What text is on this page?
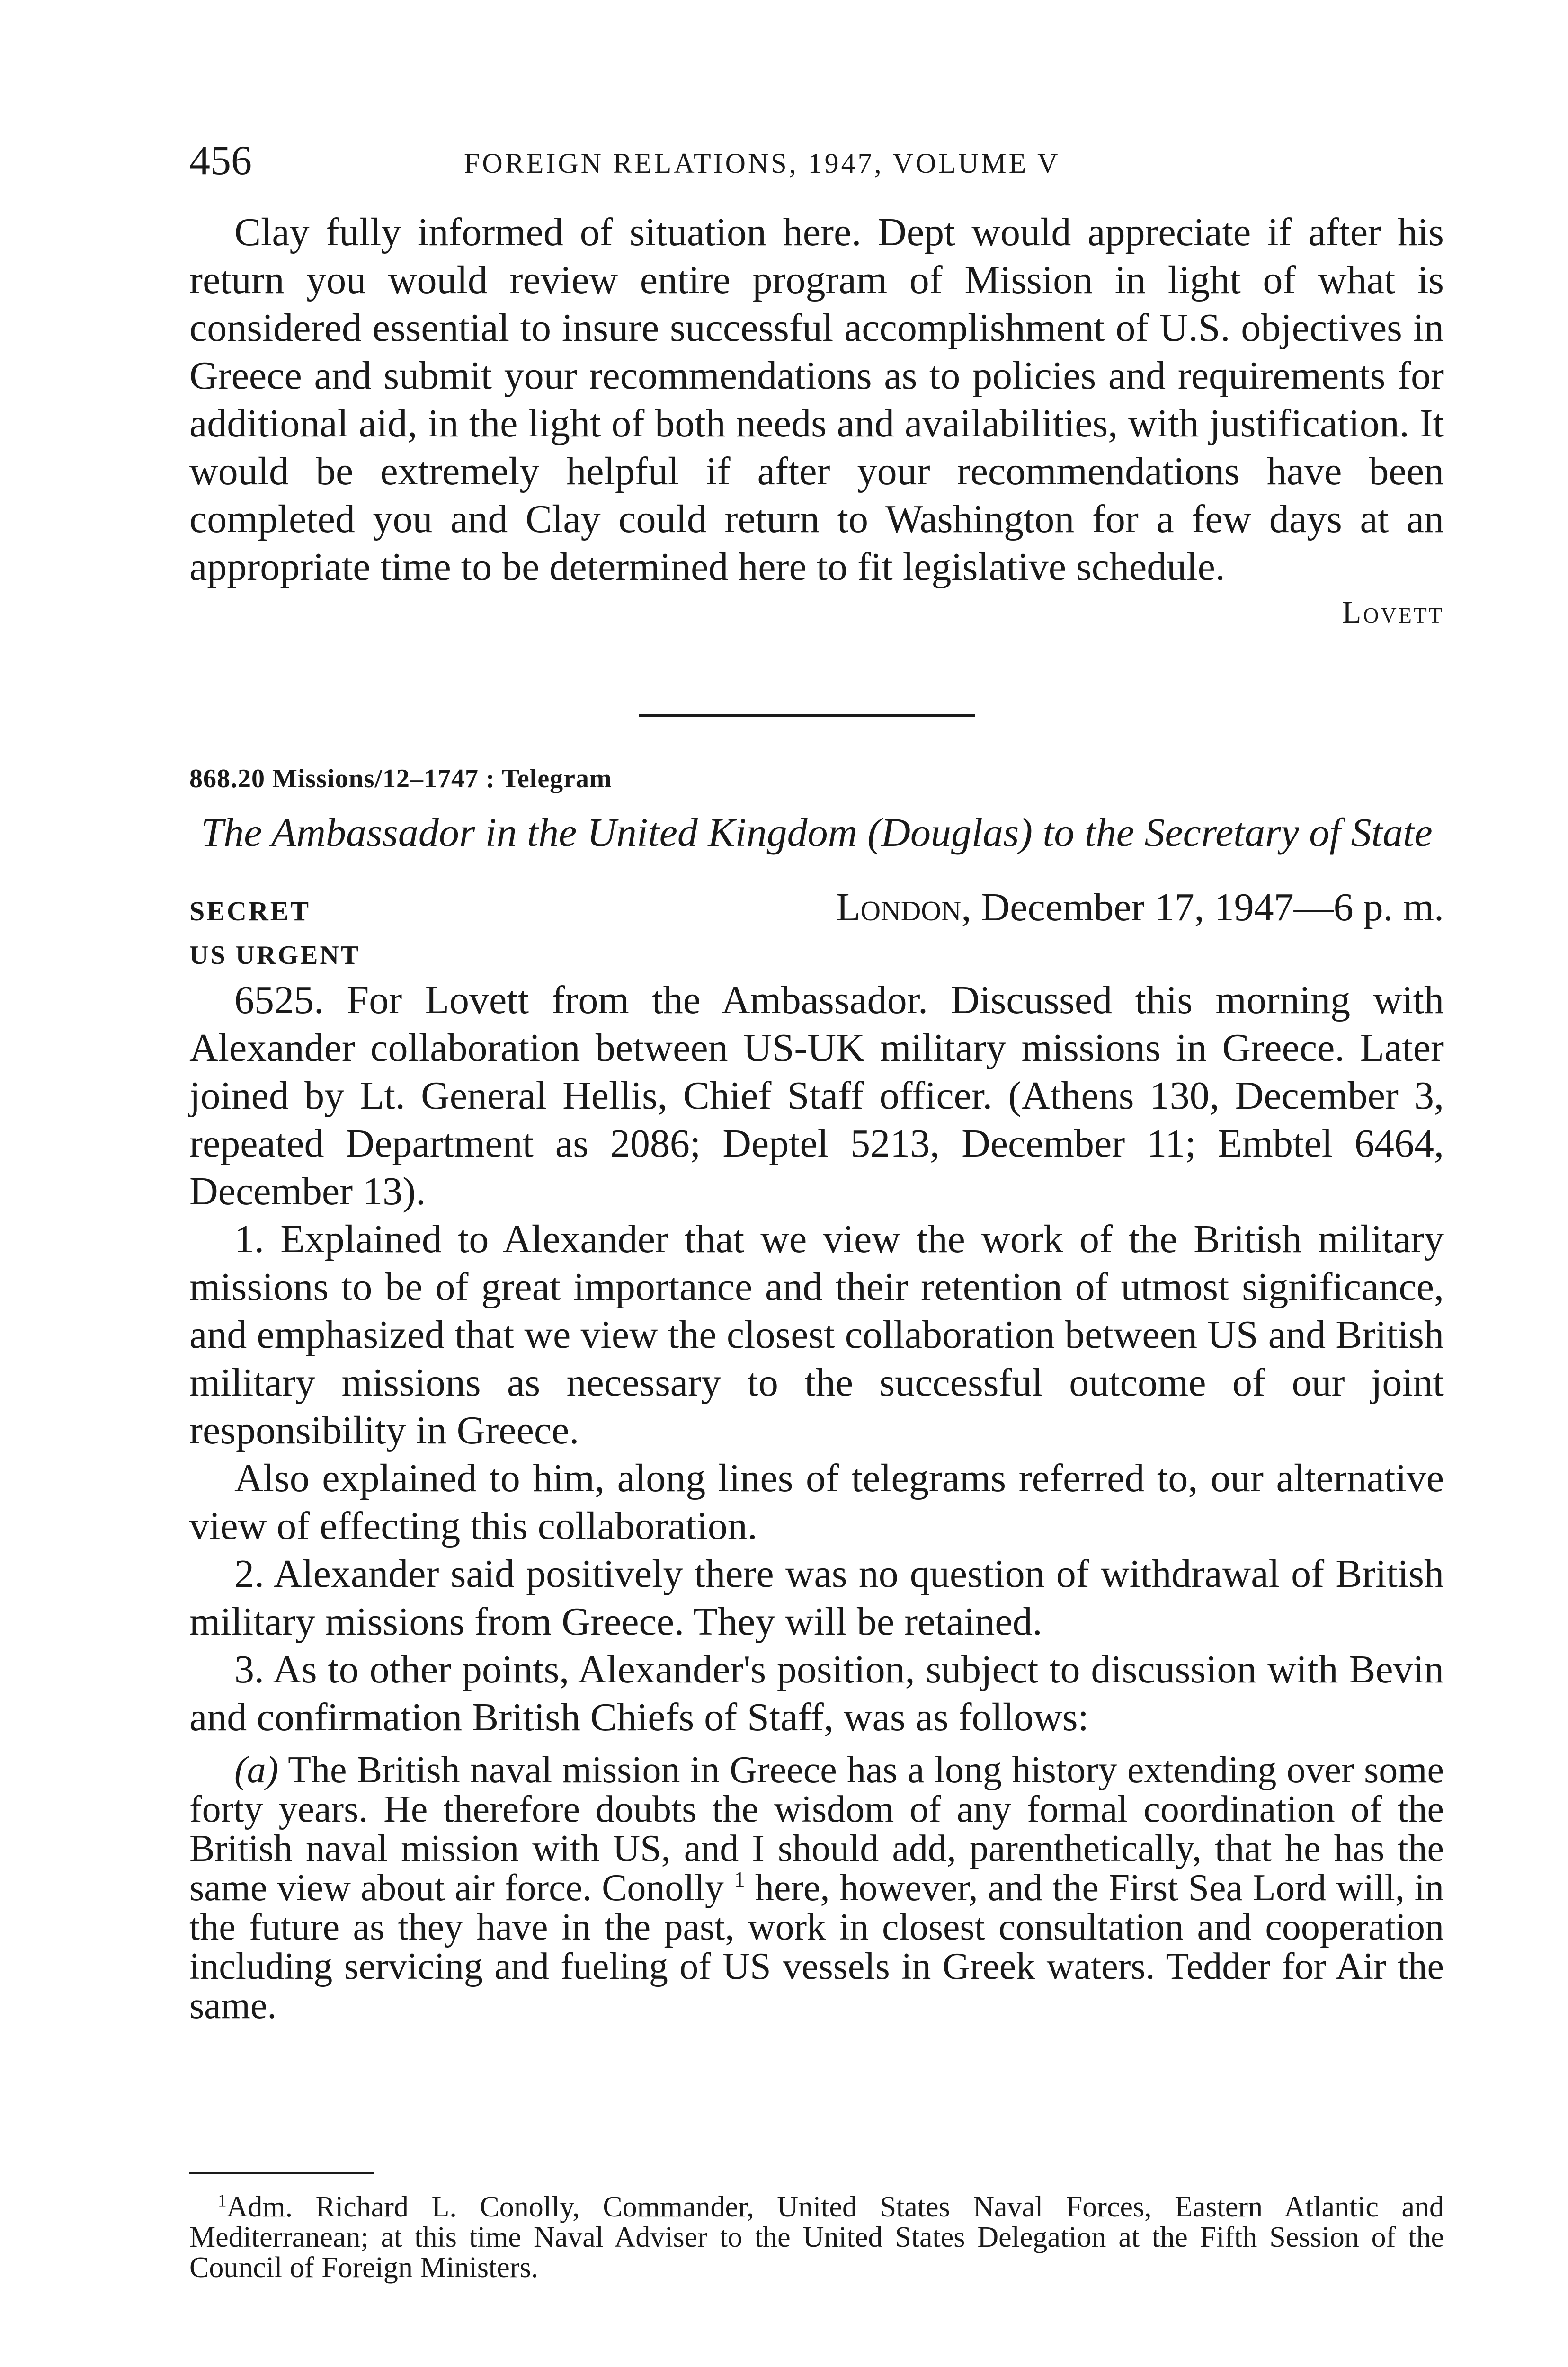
456	FOREIGN RELATIONS, 1947, VOLUME V

Clay fully informed of situation here. Dept would appreciate if after his return you would review entire program of Mission in light of what is considered essential to insure successful accomplishment of U.S. objectives in Greece and submit your recommendations as to policies and requirements for additional aid, in the light of both needs and availabilities, with justification. It would be extremely helpful if after your recommendations have been completed you and Clay could return to Washington for a few days at an appropriate time to be determined here to fit legislative schedule.

Lovett
868.20 Missions/12–1747 : Telegram

The Ambassador in the United Kingdom (Douglas) to the Secretary of State

SECRET	London, December 17, 1947—6 p. m.
US URGENT

6525. For Lovett from the Ambassador. Discussed this morning with Alexander collaboration between US-UK military missions in Greece. Later joined by Lt. General Hellis, Chief Staff officer. (Athens 130, December 3, repeated Department as 2086; Deptel 5213, December 11; Embtel 6464, December 13).

1. Explained to Alexander that we view the work of the British military missions to be of great importance and their retention of utmost significance, and emphasized that we view the closest collaboration between US and British military missions as necessary to the successful outcome of our joint responsibility in Greece.

Also explained to him, along lines of telegrams referred to, our alternative view of effecting this collaboration.

2. Alexander said positively there was no question of withdrawal of British military missions from Greece. They will be retained.

3. As to other points, Alexander's position, subject to discussion with Bevin and confirmation British Chiefs of Staff, was as follows:

(a) The British naval mission in Greece has a long history extending over some forty years. He therefore doubts the wisdom of any formal coordination of the British naval mission with US, and I should add, parenthetically, that he has the same view about air force. Conolly $^1$ here, however, and the First Sea Lord will, in the future as they have in the past, work in closest consultation and cooperation including servicing and fueling of US vessels in Greek waters. Tedder for Air the same.

$^1$Adm. Richard L. Conolly, Commander, United States Naval Forces, Eastern Atlantic and Mediterranean; at this time Naval Adviser to the United States Delegation at the Fifth Session of the Council of Foreign Ministers.
